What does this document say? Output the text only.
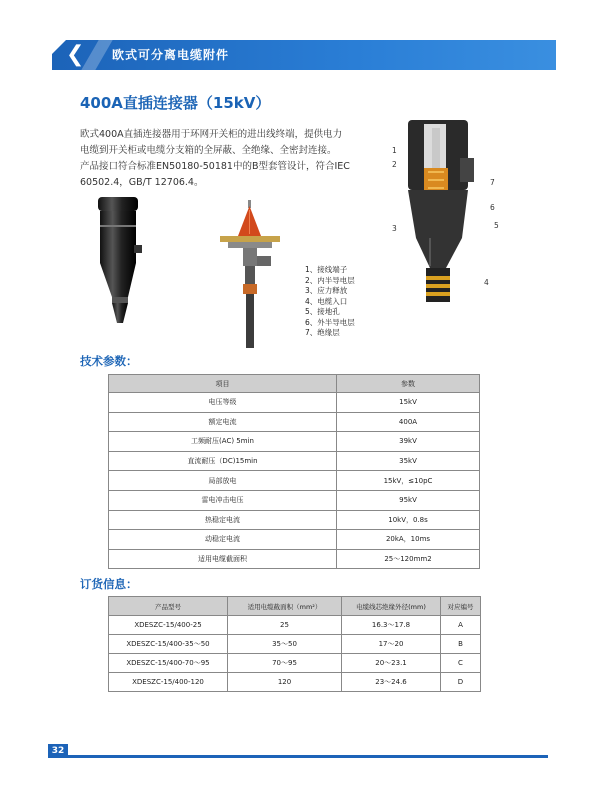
❮ 欧式可分离电缆附件
400A直插连接器（15kV）
欧式400A直插连接器用于环网开关柜的进出线终端，提供电力
电缆到开关柜或电缆分支箱的全屏蔽、全绝缘、全密封连接。
产品接口符合标准EN50180-50181中的B型套管设计，符合IEC
60502.4，GB/T 12706.4。
1
2
7
6
3	5
4
1、接线端子
2、内半导电层
3、应力释放
4、电缆入口
5、接地孔
6、外半导电层
7、绝缘层
技术参数：
项目	参数
电压等级	15kV
额定电流	400A
工频耐压(AC) 5min	39kV
直流耐压（DC)15min	35kV
局部放电	15kV，≤10pC
雷电冲击电压	95kV
热稳定电流	10kV，0.8s
动稳定电流	20kA，10ms
适用电缆截面积	25～120mm2
订货信息：
产品型号	适用电缆截面积（mm²）	电缆线芯绝缘外径(mm)	对应编号
XDESZC-15/400-25	25	16.3～17.8	A
XDESZC-15/400-35～50	35～50	17～20	B
XDESZC-15/400-70～95	70～95	20～23.1	C
XDESZC-15/400-120	120	23～24.6	D
32
